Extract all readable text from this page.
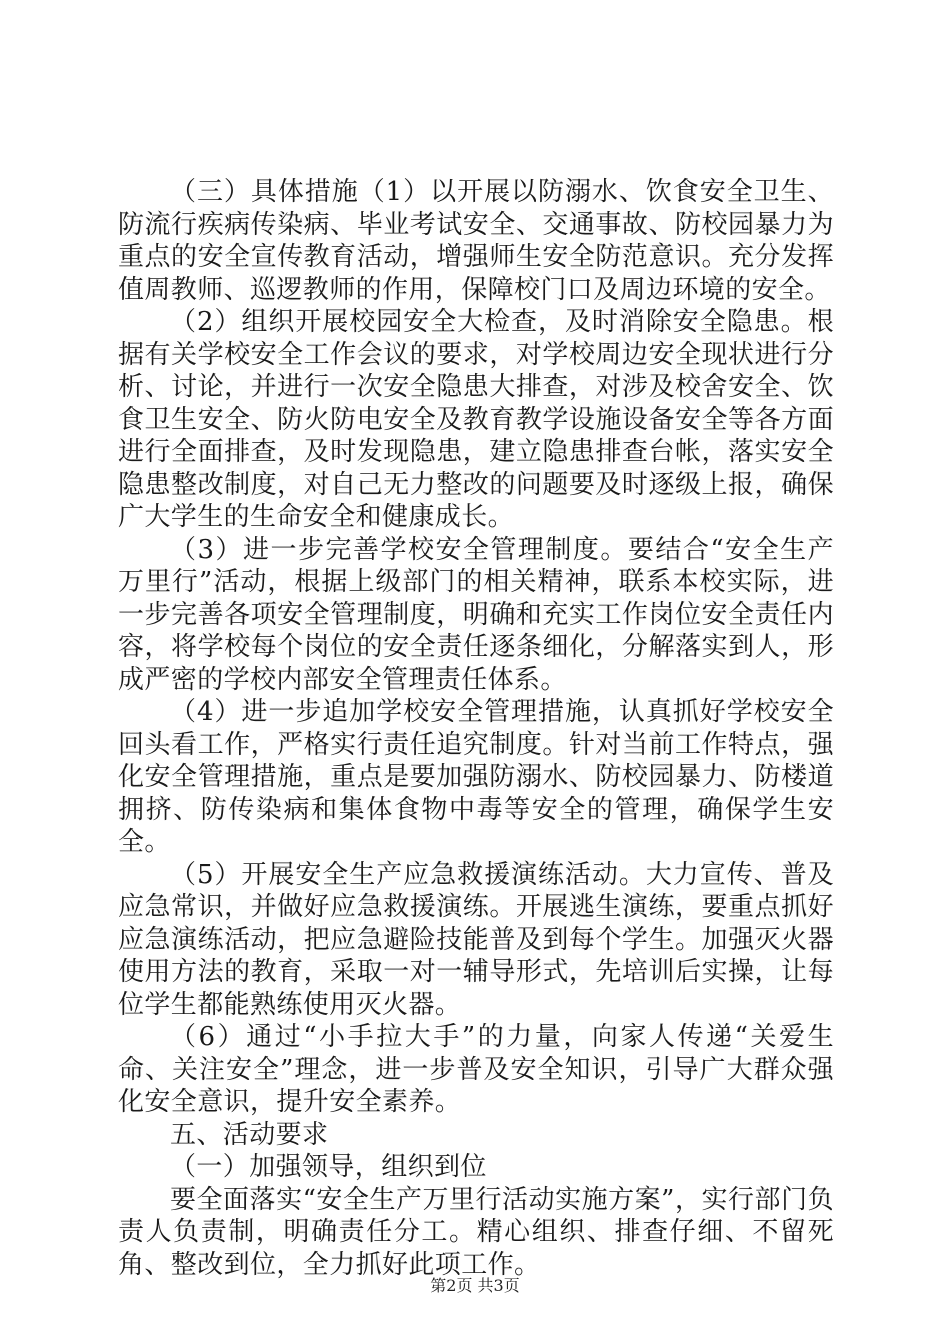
（三）具体措施（1）以开展以防溺水、饮食安全卫生、防流行疾病传染病、毕业考试安全、交通事故、防校园暴力为重点的安全宣传教育活动，增强师生安全防范意识。充分发挥值周教师、巡逻教师的作用，保障校门口及周边环境的安全。

（2）组织开展校园安全大检查，及时消除安全隐患。根据有关学校安全工作会议的要求，对学校周边安全现状进行分析、讨论，并进行一次安全隐患大排查，对涉及校舍安全、饮食卫生安全、防火防电安全及教育教学设施设备安全等各方面进行全面排查，及时发现隐患，建立隐患排查台帐，落实安全隐患整改制度，对自己无力整改的问题要及时逐级上报，确保广大学生的生命安全和健康成长。

（3）进一步完善学校安全管理制度。要结合“安全生产万里行”活动，根据上级部门的相关精神，联系本校实际，进一步完善各项安全管理制度，明确和充实工作岗位安全责任内容，将学校每个岗位的安全责任逐条细化，分解落实到人，形成严密的学校内部安全管理责任体系。

（4）进一步追加学校安全管理措施，认真抓好学校安全回头看工作，严格实行责任追究制度。针对当前工作特点，强化安全管理措施，重点是要加强防溺水、防校园暴力、防楼道拥挤、防传染病和集体食物中毒等安全的管理，确保学生安全。

（5）开展安全生产应急救援演练活动。大力宣传、普及应急常识，并做好应急救援演练。开展逃生演练，要重点抓好应急演练活动，把应急避险技能普及到每个学生。加强灭火器使用方法的教育，采取一对一辅导形式，先培训后实操，让每位学生都能熟练使用灭火器。

（6）通过“小手拉大手”的力量，向家人传递“关爱生命、关注安全”理念，进一步普及安全知识，引导广大群众强化安全意识，提升安全素养。

五、活动要求

（一）加强领导，组织到位

要全面落实“安全生产万里行活动实施方案”，实行部门负责人负责制，明确责任分工。精心组织、排查仔细、不留死角、整改到位，全力抓好此项工作。

第2页 共3页
